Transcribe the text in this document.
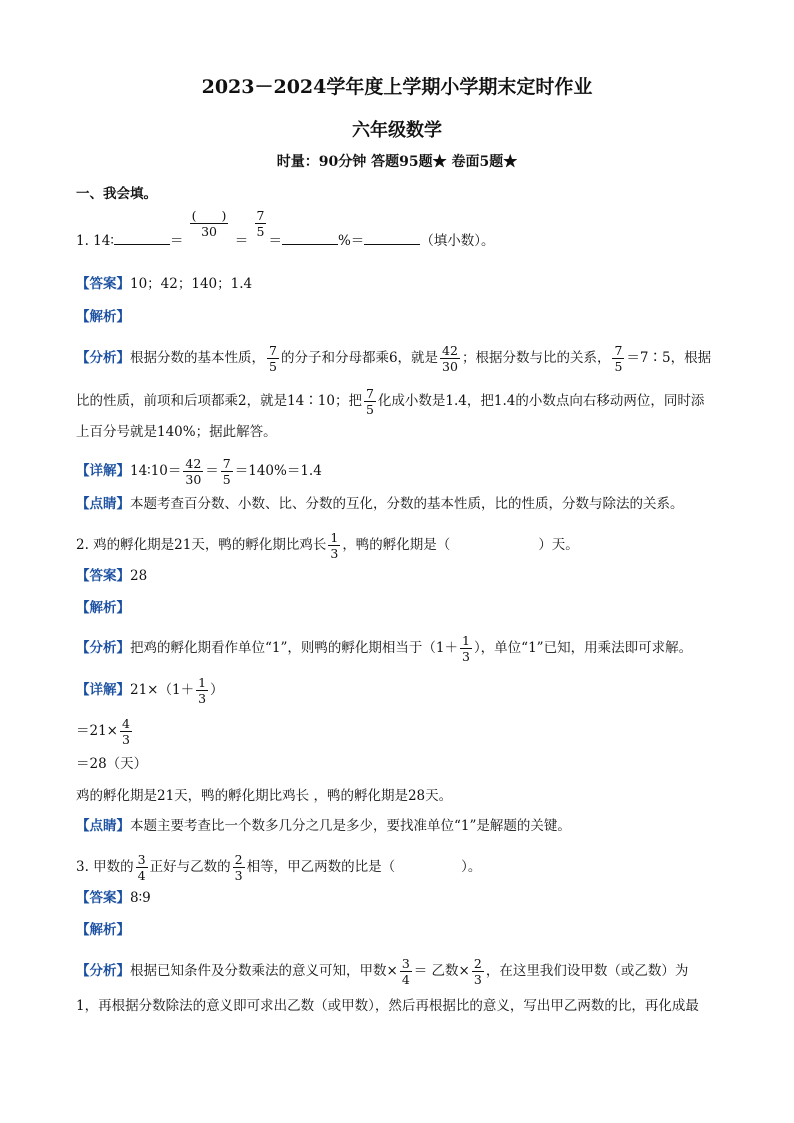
2023－2024学年度上学期小学期末定时作业
六年级数学
时量：90分钟 答题95题★ 卷面5题★
一、我会填。
1. 14∶	＝
$\frac{( )}{30}$
＝
$\frac{7}{5}$
＝	%＝	（填小数）。
【答案】10；42；140；1.4
【解析】
【分析】根据分数的基本性质， $\frac{7}{5}$ 的分子和分母都乘6，就是 $\frac{42}{30}$ ；根据分数与比的关系， $\frac{7}{5}$ ＝7∶5，根据
比的性质，前项和后项都乘2，就是14∶10；把 $\frac{7}{5}$ 化成小数是1.4，把1.4的小数点向右移动两位，同时添
上百分号就是140%；据此解答。
【详解】14∶10＝ $\frac{42}{30} = \frac{7}{5} =140\%=1.4$
【点睛】本题考查百分数、小数、比、分数的互化，分数的基本性质，比的性质，分数与除法的关系。
2. 鸡的孵化期是21天，鸭的孵化期比鸡长 $\frac{1}{3}$ ，鸭的孵化期是（	）天。
【答案】28
【解析】
【分析】把鸡的孵化期看作单位“1”，则鸭的孵化期相当于（$1+ \frac{1}{3}$ ），单位“1”已知，用乘法即可求解。
【详解】$21\times(1+ \frac{1}{3}$ ）
$=21\times \frac{4}{3}$
＝28（天）
鸡的孵化期是21天，鸭的孵化期比鸡长 ，鸭的孵化期是28天。
【点睛】本题主要考查比一个数多几分之几是多少，要找准单位“1”是解题的关键。
3. 甲数的 $\frac{3}{4}$ 正好与乙数的 $\frac{2}{3}$ 相等，甲乙两数的比是（	）。
【答案】8∶9
【解析】
【分析】根据已知条件及分数乘法的意义可知，甲数× $\frac{3}{4}$ ＝ 乙数× $\frac{2}{3}$ ，在这里我们设甲数（或乙数）为
1，再根据分数除法的意义即可求出乙数（或甲数），然后再根据比的意义，写出甲乙两数的比，再化成最
